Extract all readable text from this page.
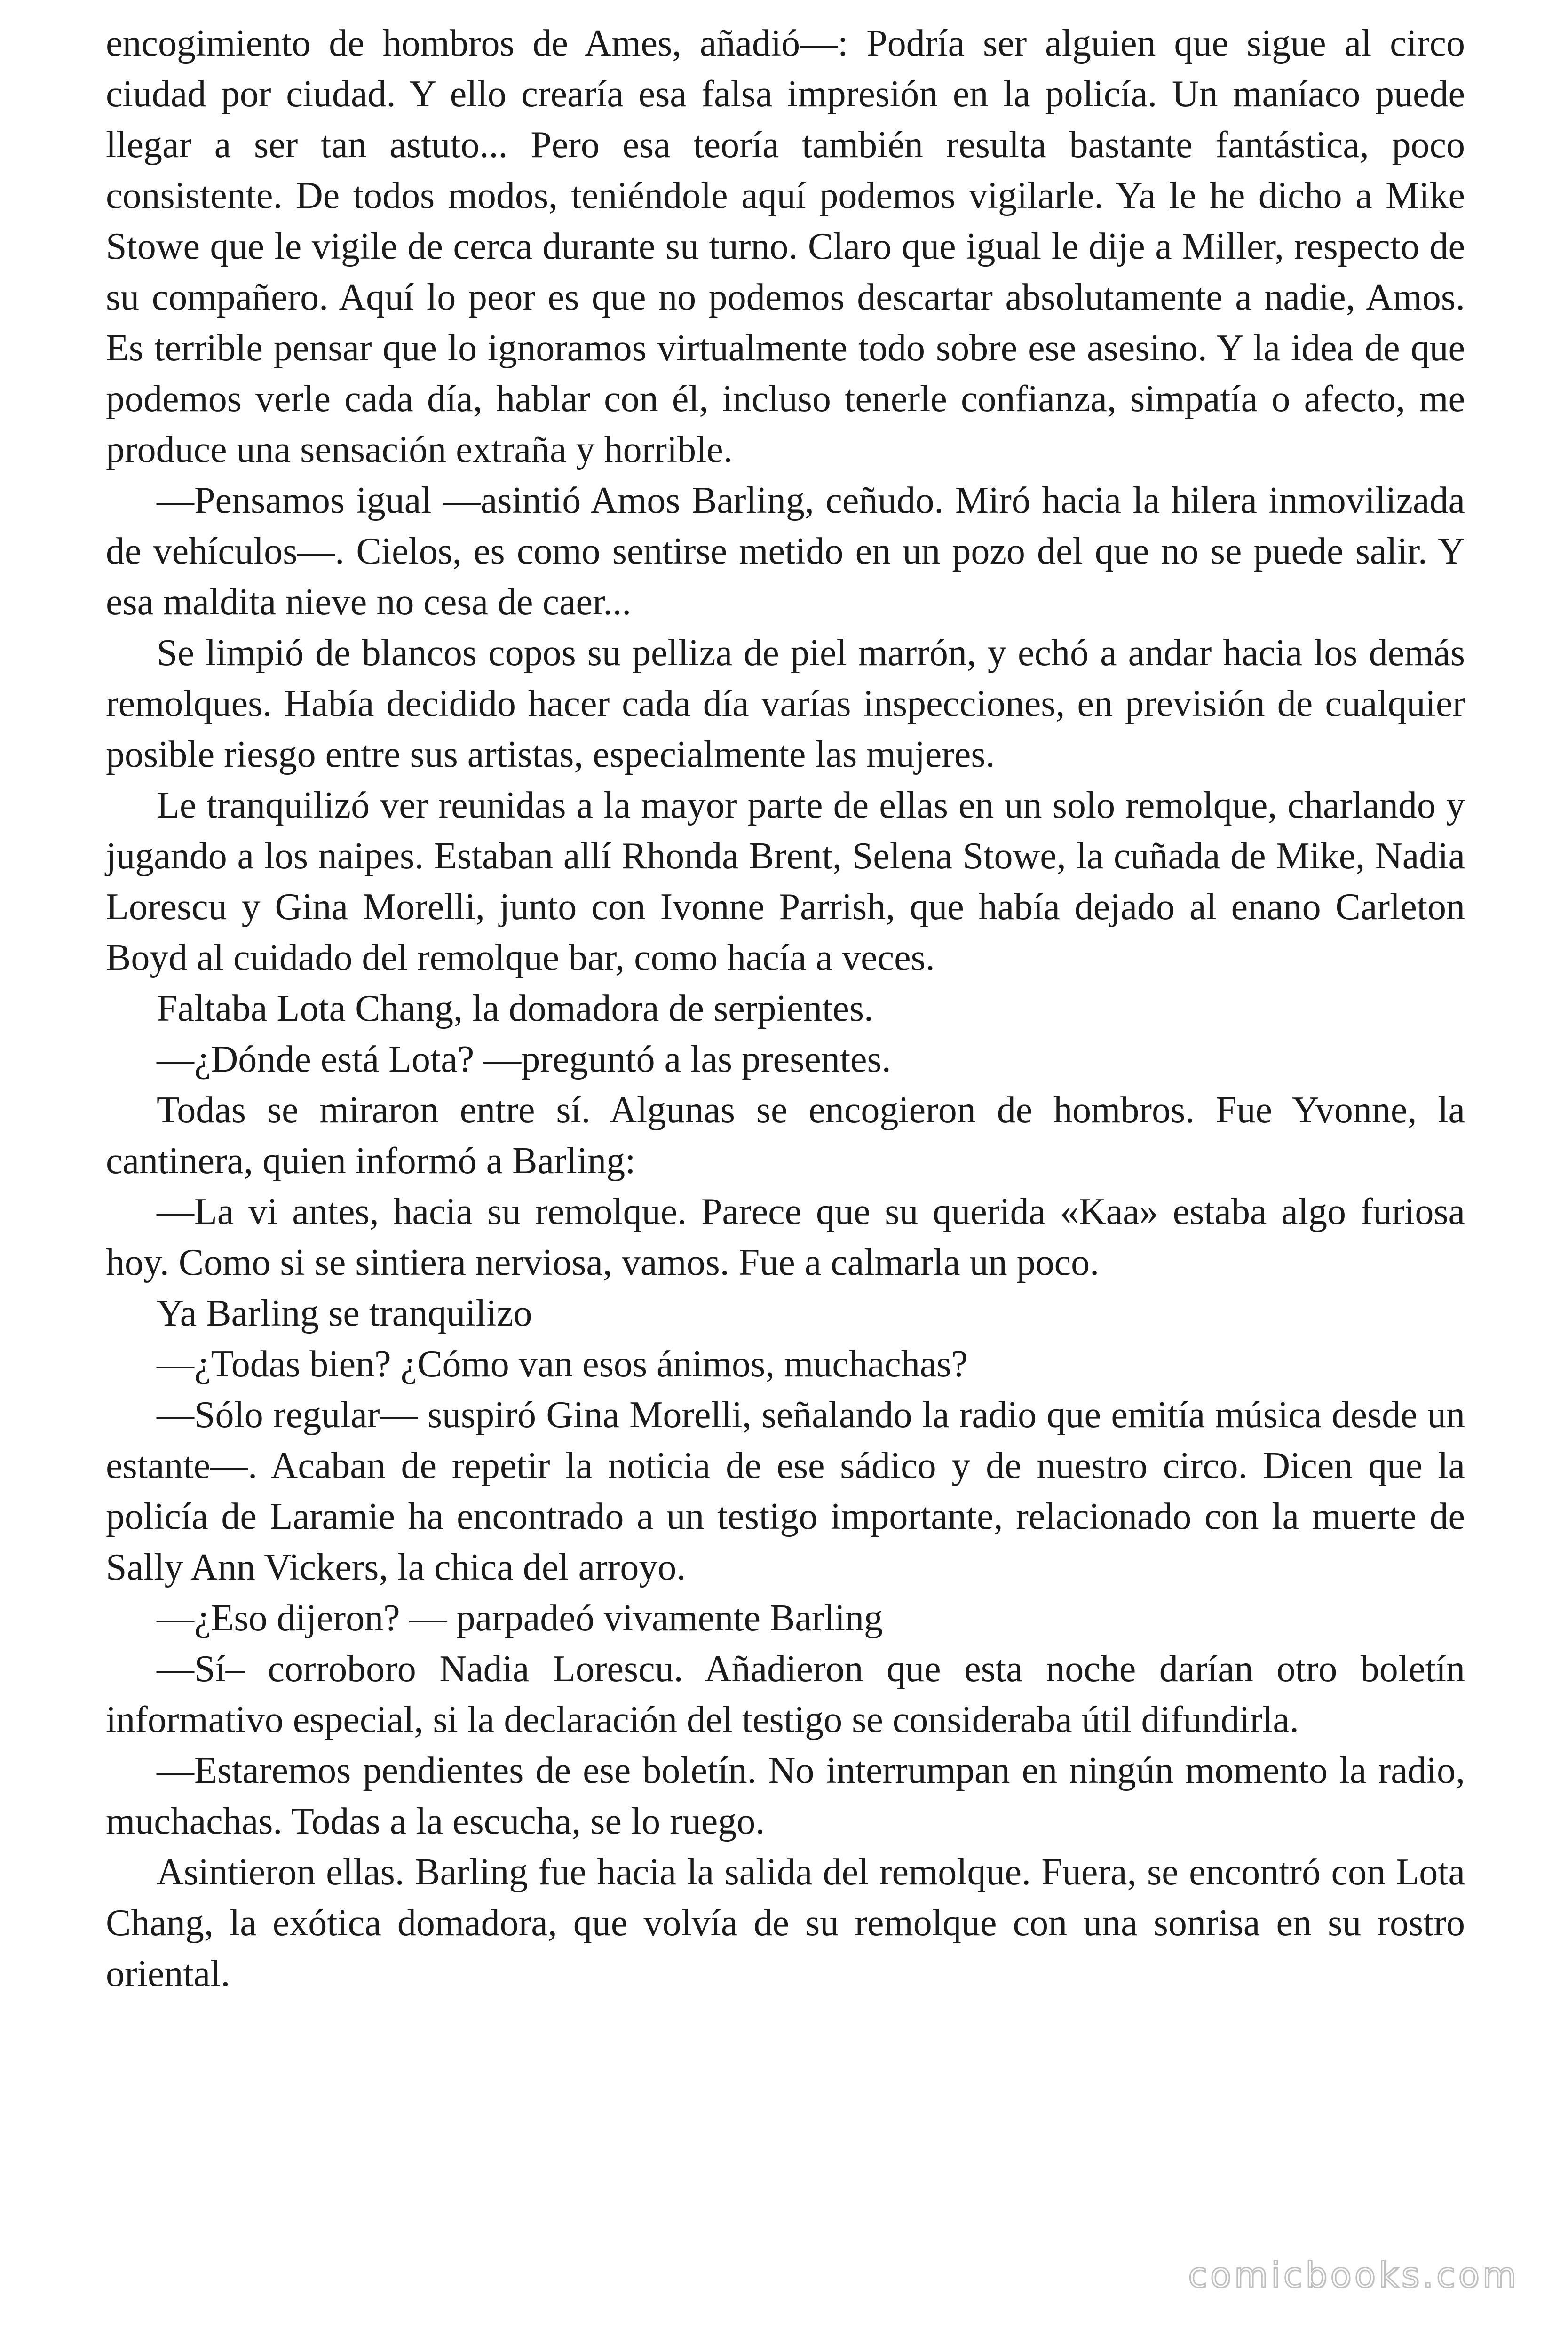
encogimiento de hombros de Ames, añadió—: Podría ser alguien que sigue al circo ciudad por ciudad. Y ello crearía esa falsa impresión en la policía. Un maníaco puede llegar a ser tan astuto... Pero esa teoría también resulta bastante fantástica, poco consistente. De todos modos, teniéndole aquí podemos vigilarle. Ya le he dicho a Mike Stowe que le vigile de cerca durante su turno. Claro que igual le dije a Miller, respecto de su compañero. Aquí lo peor es que no podemos descartar absolutamente a nadie, Amos. Es terrible pensar que lo ignoramos virtualmente todo sobre ese asesino. Y la idea de que podemos verle cada día, hablar con él, incluso tenerle confianza, simpatía o afecto, me produce una sensación extraña y horrible.

—Pensamos igual —asintió Amos Barling, ceñudo. Miró hacia la hilera inmovilizada de vehículos—. Cielos, es como sentirse metido en un pozo del que no se puede salir. Y esa maldita nieve no cesa de caer...

Se limpió de blancos copos su pelliza de piel marrón, y echó a andar hacia los demás remolques. Había decidido hacer cada día varías inspecciones, en previsión de cualquier posible riesgo entre sus artistas, especialmente las mujeres.

Le tranquilizó ver reunidas a la mayor parte de ellas en un solo remolque, charlando y jugando a los naipes. Estaban allí Rhonda Brent, Selena Stowe, la cuñada de Mike, Nadia Lorescu y Gina Morelli, junto con Ivonne Parrish, que había dejado al enano Carleton Boyd al cuidado del remolque bar, como hacía a veces.

Faltaba Lota Chang, la domadora de serpientes.

—¿Dónde está Lota? —preguntó a las presentes.

Todas se miraron entre sí. Algunas se encogieron de hombros. Fue Yvonne, la cantinera, quien informó a Barling:

—La vi antes, hacia su remolque. Parece que su querida «Kaa» estaba algo furiosa hoy. Como si se sintiera nerviosa, vamos. Fue a calmarla un poco.

Ya Barling se tranquilizo

—¿Todas bien? ¿Cómo van esos ánimos, muchachas?

—Sólo regular— suspiró Gina Morelli, señalando la radio que emitía música desde un estante—. Acaban de repetir la noticia de ese sádico y de nuestro circo. Dicen que la policía de Laramie ha encontrado a un testigo importante, relacionado con la muerte de Sally Ann Vickers, la chica del arroyo.

—¿Eso dijeron? — parpadeó vivamente Barling

—Sí– corroboro Nadia Lorescu. Añadieron que esta noche darían otro boletín informativo especial, si la declaración del testigo se consideraba útil difundirla.

—Estaremos pendientes de ese boletín. No interrumpan en ningún momento la radio, muchachas. Todas a la escucha, se lo ruego.

Asintieron ellas. Barling fue hacia la salida del remolque. Fuera, se encontró con Lota Chang, la exótica domadora, que volvía de su remolque con una sonrisa en su rostro oriental.

comicbooks.com
